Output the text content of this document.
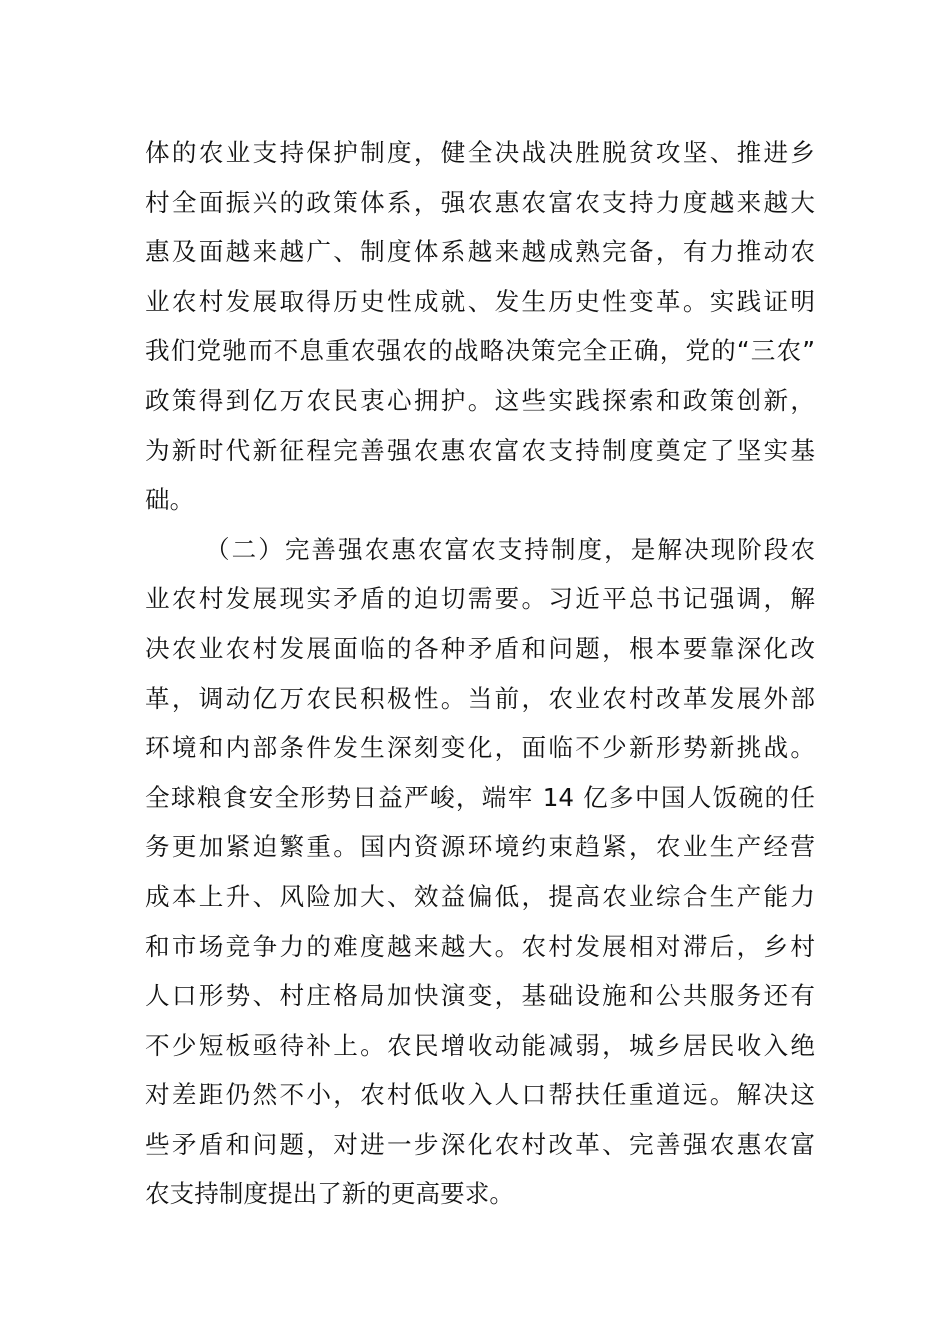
体的农业支持保护制度，健全决战决胜脱贫攻坚、推进乡
村全面振兴的政策体系，强农惠农富农支持力度越来越大
惠及面越来越广、制度体系越来越成熟完备，有力推动农
业农村发展取得历史性成就、发生历史性变革。实践证明
我们党驰而不息重农强农的战略决策完全正确，党的“三农”
政策得到亿万农民衷心拥护。这些实践探索和政策创新，
为新时代新征程完善强农惠农富农支持制度奠定了坚实基
础。
（二）完善强农惠农富农支持制度，是解决现阶段农
业农村发展现实矛盾的迫切需要。习近平总书记强调，解
决农业农村发展面临的各种矛盾和问题，根本要靠深化改
革，调动亿万农民积极性。当前，农业农村改革发展外部
环境和内部条件发生深刻变化，面临不少新形势新挑战。
全球粮食安全形势日益严峻，端牢 14 亿多中国人饭碗的任
务更加紧迫繁重。国内资源环境约束趋紧，农业生产经营
成本上升、风险加大、效益偏低，提高农业综合生产能力
和市场竞争力的难度越来越大。农村发展相对滞后，乡村
人口形势、村庄格局加快演变，基础设施和公共服务还有
不少短板亟待补上。农民增收动能减弱，城乡居民收入绝
对差距仍然不小，农村低收入人口帮扶任重道远。解决这
些矛盾和问题，对进一步深化农村改革、完善强农惠农富
农支持制度提出了新的更高要求。
